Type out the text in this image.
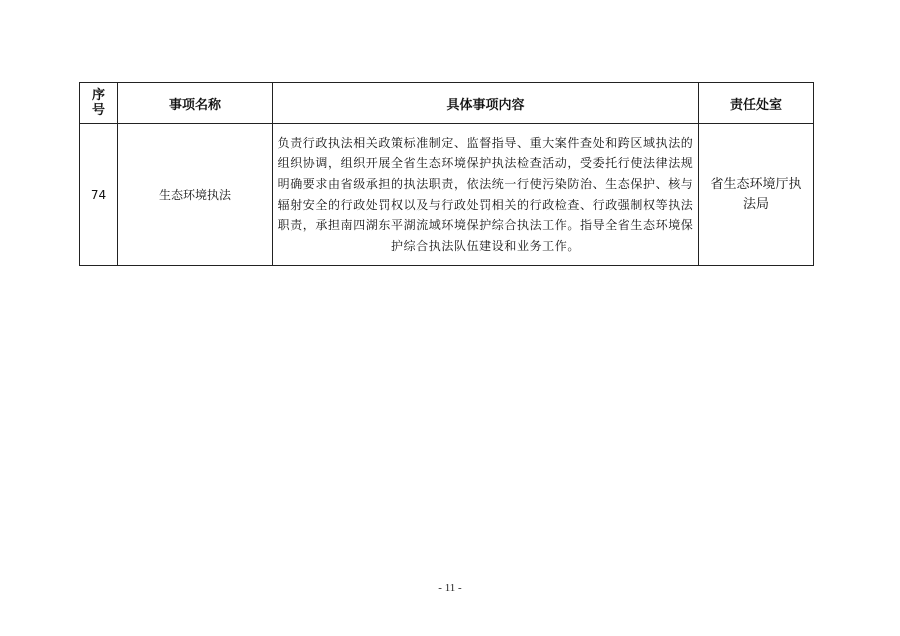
序号	事项名称	具体事项内容	责任处室
74	生态环境执法	负责行政执法相关政策标准制定、监督指导、重大案件查处和跨区域执法的组织协调，组织开展全省生态环境保护执法检查活动，受委托行使法律法规明确要求由省级承担的执法职责，依法统一行使污染防治、生态保护、核与辐射安全的行政处罚权以及与行政处罚相关的行政检查、行政强制权等执法职责，承担南四湖东平湖流域环境保护综合执法工作。指导全省生态环境保护综合执法队伍建设和业务工作。	省生态环境厅执法局
- 11 -
